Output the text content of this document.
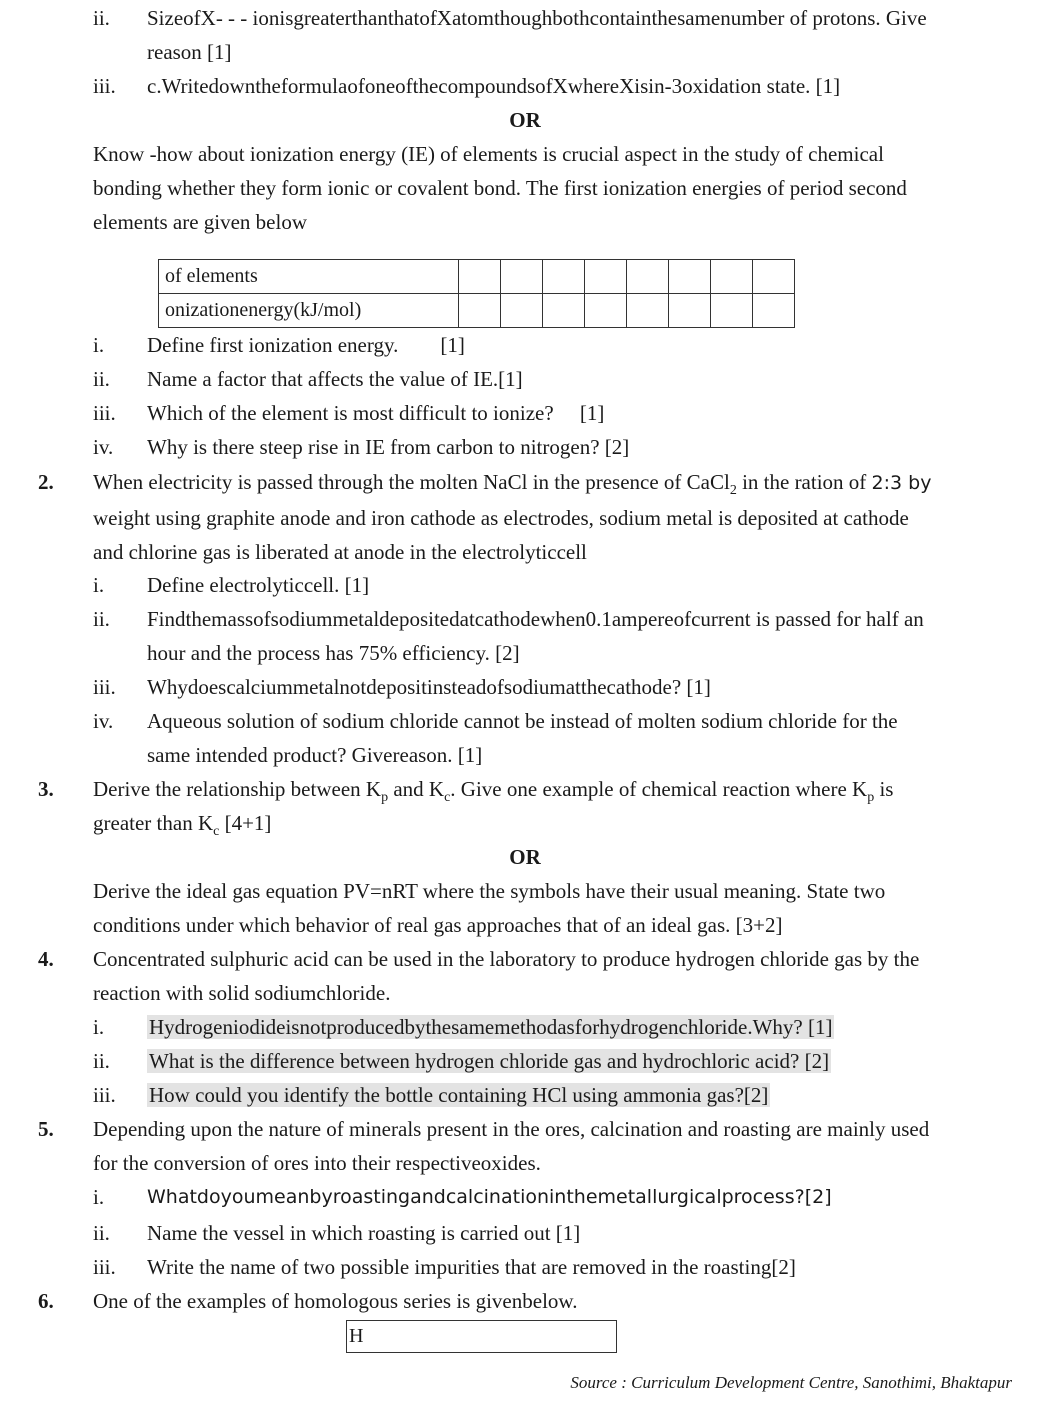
ii. SizeofX- - - ionisgreaterthanthatofXatomthoughbothcontainthesamenumber of protons. Give
reason [1]
iii. c.WritedowntheformulaofoneofthecompoundsofXwhereXisin-3oxidation state. [1]
OR
Know -how about ionization energy (IE) of elements is crucial aspect in the study of chemical
bonding whether they form ionic or covalent bond. The first ionization energies of period second
elements are given below
of elements								
onizationenergy(kJ/mol)								
i. Define first ionization energy.        [1]
ii. Name a factor that affects the value of IE.[1]
iii. Which of the element is most difficult to ionize?     [1]
iv. Why is there steep rise in IE from carbon to nitrogen? [2]
2. When electricity is passed through the molten NaCl in the presence of CaCl$_2$ in the ration of 2:3 by
weight using graphite anode and iron cathode as electrodes, sodium metal is deposited at cathode
and chlorine gas is liberated at anode in the electrolyticcell
i. Define electrolyticcell. [1]
ii. Findthemassofsodiummetaldepositedatcathodewhen0.1ampereofcurrent is passed for half an
hour and the process has 75% efficiency. [2]
iii. Whydoescalciummetalnotdepositinsteadofsodiumatthecathode? [1]
iv. Aqueous solution of sodium chloride cannot be instead of molten sodium chloride for the
same intended product? Givereason. [1]
3. Derive the relationship between $K_p$ and $K_c$. Give one example of chemical reaction where $K_p$ is
greater than $K_c$ [4+1]
OR
Derive the ideal gas equation PV=nRT where the symbols have their usual meaning. State two
conditions under which behavior of real gas approaches that of an ideal gas. [3+2]
4. Concentrated sulphuric acid can be used in the laboratory to produce hydrogen chloride gas by the
reaction with solid sodiumchloride.
i. Hydrogeniodideisnotproducedbythesamemethodasforhydrogenchloride.Why? [1]
ii. What is the difference between hydrogen chloride gas and hydrochloric acid? [2]
iii. How could you identify the bottle containing HCl using ammonia gas?[2]
5. Depending upon the nature of minerals present in the ores, calcination and roasting are mainly used
for the conversion of ores into their respectiveoxides.
i. Whatdoyoumeanbyroastingandcalcinationinthemetallurgicalprocess?[2]
ii. Name the vessel in which roasting is carried out [1]
iii. Write the name of two possible impurities that are removed in the roasting[2]
6. One of the examples of homologous series is givenbelow.
H
Source : Curriculum Development Centre, Sanothimi, Bhaktapur
